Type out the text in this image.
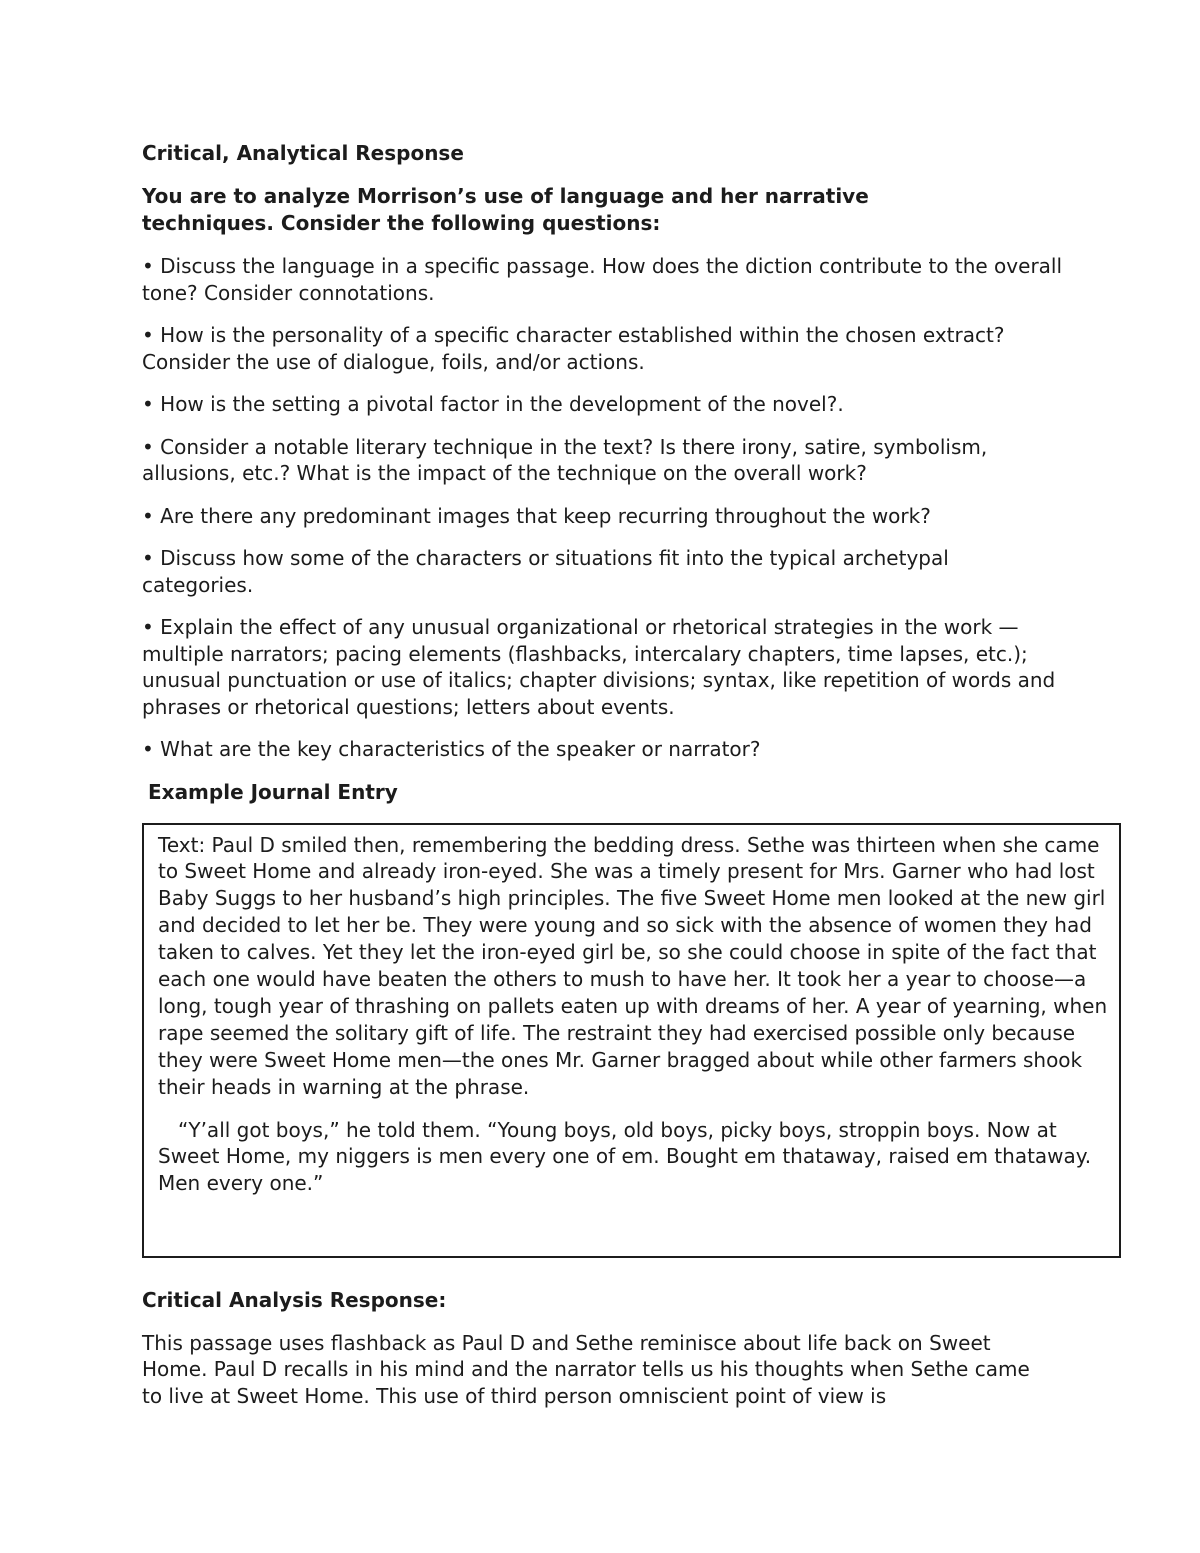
Critical, Analytical Response

You are to analyze Morrison’s use of language and her narrative techniques. Consider the following questions:

• Discuss the language in a specific passage. How does the diction contribute to the overall tone? Consider connotations.
• How is the personality of a specific character established within the chosen extract? Consider the use of dialogue, foils, and/or actions.
• How is the setting a pivotal factor in the development of the novel?.
• Consider a notable literary technique in the text? Is there irony, satire, symbolism, allusions, etc.? What is the impact of the technique on the overall work?
• Are there any predominant images that keep recurring throughout the work?
• Discuss how some of the characters or situations fit into the typical archetypal categories.
• Explain the effect of any unusual organizational or rhetorical strategies in the work —multiple narrators; pacing elements (flashbacks, intercalary chapters, time lapses, etc.); unusual punctuation or use of italics; chapter divisions; syntax, like repetition of words and phrases or rhetorical questions; letters about events.
• What are the key characteristics of the speaker or narrator?

Example Journal Entry

Text: Paul D smiled then, remembering the bedding dress. Sethe was thirteen when she came to Sweet Home and already iron-eyed. She was a timely present for Mrs. Garner who had lost Baby Suggs to her husband’s high principles. The five Sweet Home men looked at the new girl and decided to let her be. They were young and so sick with the absence of women they had taken to calves. Yet they let the iron-eyed girl be, so she could choose in spite of the fact that each one would have beaten the others to mush to have her. It took her a year to choose—a long, tough year of thrashing on pallets eaten up with dreams of her. A year of yearning, when rape seemed the solitary gift of life. The restraint they had exercised possible only because they were Sweet Home men—the ones Mr. Garner bragged about while other farmers shook their heads in warning at the phrase.

“Y’all got boys,” he told them. “Young boys, old boys, picky boys, stroppin boys. Now at Sweet Home, my niggers is men every one of em. Bought em thataway, raised em thataway. Men every one.”

Critical Analysis Response:

This passage uses flashback as Paul D and Sethe reminisce about life back on Sweet Home. Paul D recalls in his mind and the narrator tells us his thoughts when Sethe came to live at Sweet Home. This use of third person omniscient point of view is
